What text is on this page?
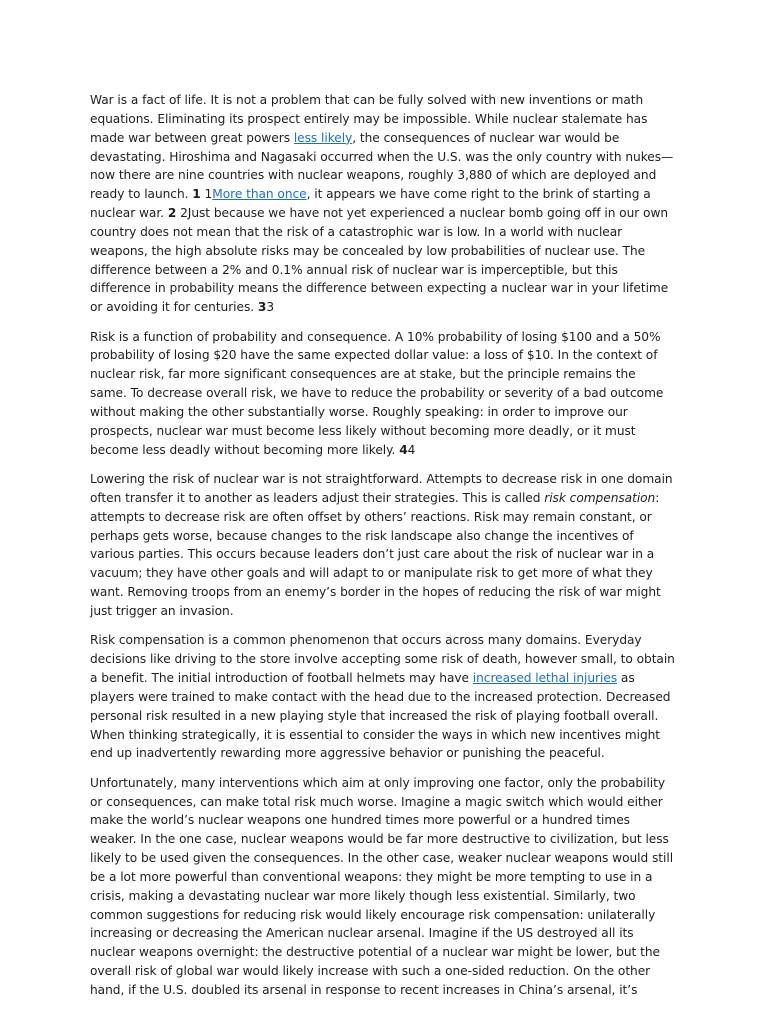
War is a fact of life. It is not a problem that can be fully solved with new inventions or math equations. Eliminating its prospect entirely may be impossible. While nuclear stalemate has made war between great powers less likely, the consequences of nuclear war would be devastating. Hiroshima and Nagasaki occurred when the U.S. was the only country with nukes—now there are nine countries with nuclear weapons, roughly 3,880 of which are deployed and ready to launch. 1 1More than once, it appears we have come right to the brink of starting a nuclear war. 2 2Just because we have not yet experienced a nuclear bomb going off in our own country does not mean that the risk of a catastrophic war is low. In a world with nuclear weapons, the high absolute risks may be concealed by low probabilities of nuclear use. The difference between a 2% and 0.1% annual risk of nuclear war is imperceptible, but this difference in probability means the difference between expecting a nuclear war in your lifetime or avoiding it for centuries. 33

Risk is a function of probability and consequence. A 10% probability of losing $100 and a 50% probability of losing $20 have the same expected dollar value: a loss of $10. In the context of nuclear risk, far more significant consequences are at stake, but the principle remains the same. To decrease overall risk, we have to reduce the probability or severity of a bad outcome without making the other substantially worse. Roughly speaking: in order to improve our prospects, nuclear war must become less likely without becoming more deadly, or it must become less deadly without becoming more likely. 44

Lowering the risk of nuclear war is not straightforward. Attempts to decrease risk in one domain often transfer it to another as leaders adjust their strategies. This is called risk compensation: attempts to decrease risk are often offset by others’ reactions. Risk may remain constant, or perhaps gets worse, because changes to the risk landscape also change the incentives of various parties. This occurs because leaders don’t just care about the risk of nuclear war in a vacuum; they have other goals and will adapt to or manipulate risk to get more of what they want. Removing troops from an enemy’s border in the hopes of reducing the risk of war might just trigger an invasion.

Risk compensation is a common phenomenon that occurs across many domains. Everyday decisions like driving to the store involve accepting some risk of death, however small, to obtain a benefit. The initial introduction of football helmets may have increased lethal injuries as players were trained to make contact with the head due to the increased protection. Decreased personal risk resulted in a new playing style that increased the risk of playing football overall. When thinking strategically, it is essential to consider the ways in which new incentives might end up inadvertently rewarding more aggressive behavior or punishing the peaceful.

Unfortunately, many interventions which aim at only improving one factor, only the probability or consequences, can make total risk much worse. Imagine a magic switch which would either make the world’s nuclear weapons one hundred times more powerful or a hundred times weaker. In the one case, nuclear weapons would be far more destructive to civilization, but less likely to be used given the consequences. In the other case, weaker nuclear weapons would still be a lot more powerful than conventional weapons: they might be more tempting to use in a crisis, making a devastating nuclear war more likely though less existential. Similarly, two common suggestions for reducing risk would likely encourage risk compensation: unilaterally increasing or decreasing the American nuclear arsenal. Imagine if the US destroyed all its nuclear weapons overnight: the destructive potential of a nuclear war might be lower, but the overall risk of global war would likely increase with such a one-sided reduction. On the other hand, if the U.S. doubled its arsenal in response to recent increases in China’s arsenal, it’s
